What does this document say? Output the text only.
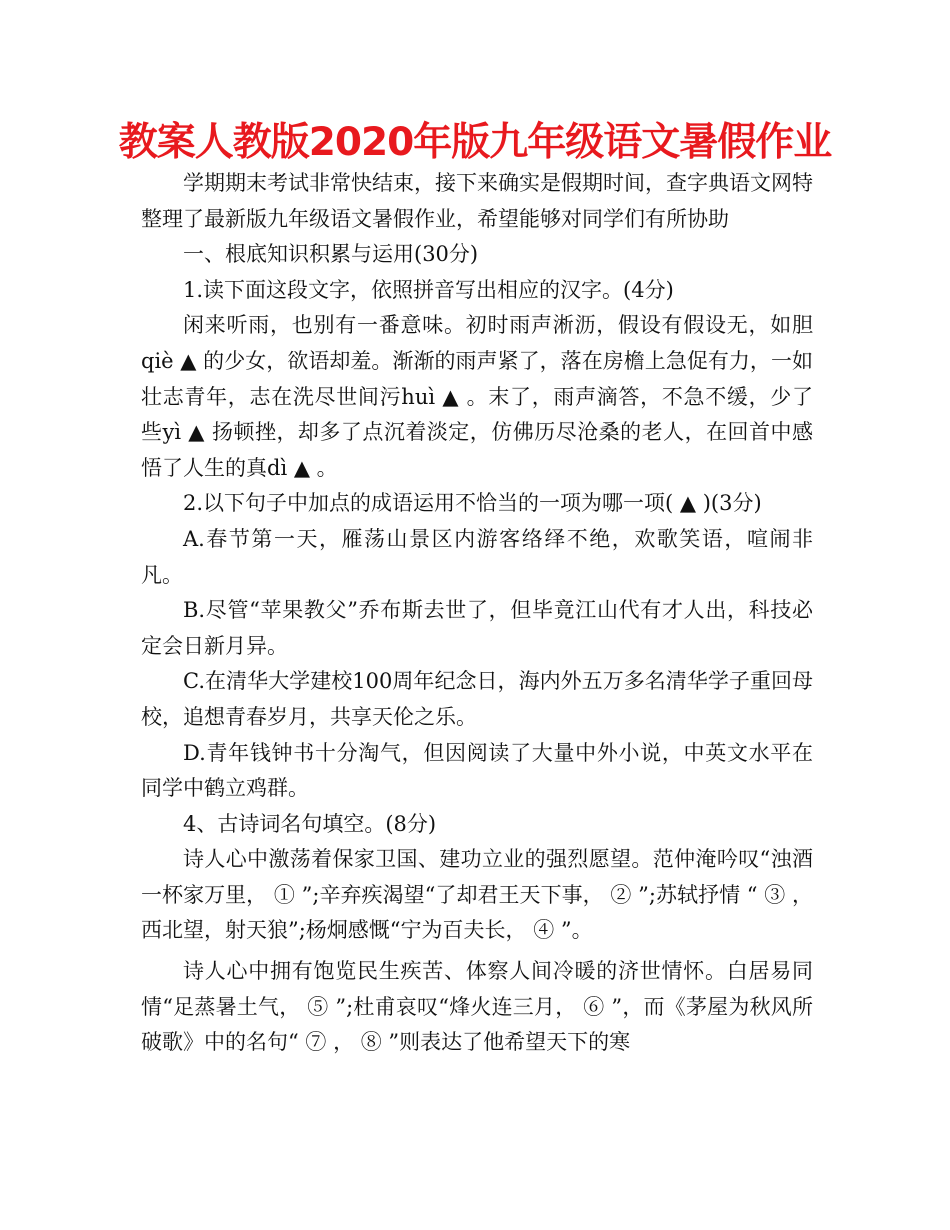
教案人教版2020年版九年级语文暑假作业

学期期末考试非常快结束，接下来确实是假期时间，查字典语文网特整理了最新版九年级语文暑假作业，希望能够对同学们有所协助

一、根底知识积累与运用(30分)

1.读下面这段文字，依照拼音写出相应的汉字。(4分)

闲来听雨，也别有一番意味。初时雨声淅沥，假设有假设无，如胆qiè ▲ 的少女，欲语却羞。渐渐的雨声紧了，落在房檐上急促有力，一如壮志青年，志在洗尽世间污huì ▲ 。末了，雨声滴答，不急不缓，少了些yì ▲ 扬顿挫，却多了点沉着淡定，仿佛历尽沧桑的老人，在回首中感悟了人生的真dì ▲ 。

2.以下句子中加点的成语运用不恰当的一项为哪一项( ▲ )(3分)

A.春节第一天，雁荡山景区内游客络绎不绝，欢歌笑语，喧闹非凡。

B.尽管“苹果教父”乔布斯去世了，但毕竟江山代有才人出，科技必定会日新月异。

C.在清华大学建校100周年纪念日，海内外五万多名清华学子重回母校，追想青春岁月，共享天伦之乐。

D.青年钱钟书十分淘气，但因阅读了大量中外小说，中英文水平在同学中鹤立鸡群。

4、古诗词名句填空。(8分)

诗人心中激荡着保家卫国、建功立业的强烈愿望。范仲淹吟叹“浊酒一杯家万里， ① ”;辛弃疾渴望“了却君王天下事， ② ”;苏轼抒情 “ ③ ，西北望，射天狼”;杨炯感慨“宁为百夫长， ④ ”。

诗人心中拥有饱览民生疾苦、体察人间冷暖的济世情怀。白居易同情“足蒸暑土气， ⑤ ”;杜甫哀叹“烽火连三月， ⑥ ”，而《茅屋为秋风所破歌》中的名句“ ⑦ ， ⑧ ”则表达了他希望天下的寒
